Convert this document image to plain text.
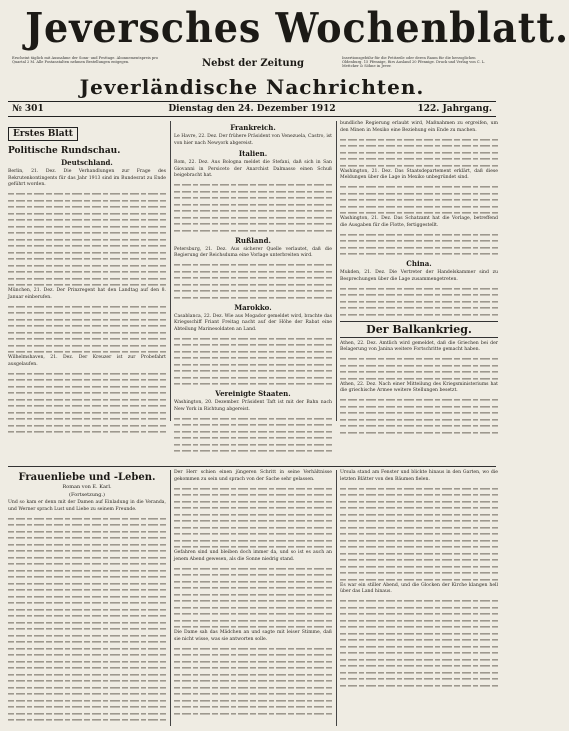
Jeversches Wochenblatt.
Erscheint täglich mit Ausnahme der Sonn- und Festtage. Abonnementspreis pro Quartal 2 M. Alle Postanstalten nehmen Bestellungen entgegen.	Nebst der Zeitung	Insertionsgebühr für die Petitzeile oder deren Raum für die herzoglichen Oldenburg. 15 Pfennige, fürs Ausland 20 Pfennige. Druck und Verlag von C. L. Mettcker & Söhne in Jever.
Jeverländische Nachrichten.
№ 301	Dienstag den 24. Dezember 1912	122. Jahrgang.
Erstes Blatt
Politische Rundschau.
Deutschland.

Berlin, 21. Dez. Die Verhandlungen zur Frage des Rekrutenkontingents für das Jahr 1913 sind im Bundesrat zu Ende geführt worden.

München, 21. Dez. Der Prinzregent hat den Landtag auf den 8. Januar einberufen.

Wilhelmshaven, 21. Dez. Der Kreuzer ist zur Probefahrt ausgelaufen.

Frankreich.

Le Havre, 22. Dez. Der frühere Präsident von Venezuela, Castro, ist von hier nach Newyork abgereist.

Italien.

Rom, 22. Dez. Aus Bologna meldet die Stefani, daß sich in San Giovanni in Persiceto der Anarchist Dalmasso einen Schuß beigebracht hat.

Rußland.

Petersburg, 21. Dez. Aus sicherer Quelle verlautet, daß die Regierung der Reichsduma eine Vorlage unterbreiten wird.

Marokko.

Casablanca, 22. Dez. Wie aus Mogador gemeldet wird, brachte das Kriegsschiff Friant Freitag nacht auf der Höhe der Rabat eine Abteilung Marinesoldaten an Land.

Vereinigte Staaten.

Washington, 20. Dezember. Präsident Taft ist mit der Bahn nach New York in Richtung abgereist.

bundliche Regierung erlaubt wird, Maßnahmen zu ergreifen, um den Minen in Mexiko eine Beziehung ein Ende zu machen.

Washington, 21. Dez. Das Staatsdepartement erklärt, daß diese Meldungen über die Lage in Mexiko unbegründet sind.

Washington, 21. Dez. Das Schatzamt hat die Vorlage, betreffend die Ausgaben für die Flotte, fertiggestellt.

China.

Mukden, 21. Dez. Die Vertreter der Handelskammer sind zu Besprechungen über die Lage zusammengetreten.

Der Balkankrieg.

Athen, 22. Dez. Amtlich wird gemeldet, daß die Griechen bei der Belagerung von Janina weitere Fortschritte gemacht haben.

Athen, 22. Dez. Nach einer Mitteilung des Kriegsministeriums hat die griechische Armee weitere Stellungen besetzt.

Frauenliebe und -Leben.
Roman von E. Karl.
(Fortsetzung.)

Und so kam er denn mit der Damen auf Einladung in die Veranda, und Werner sprach Lust und Liebe zu seinem Freunde.

Der Herr schien einen jüngeren Schritt in seine Verhältnisse gekommen zu sein und sprach von der Sache sehr gelassen.

Gefahren sind und bleiben doch immer da, und so ist es auch an jenem Abend gewesen, als die Sonne niedrig stand.

Die Dame sah das Mädchen an und sagte mit leiser Stimme, daß sie nicht wisse, was sie antworten solle.

Ursula stand am Fenster und blickte hinaus in den Garten, wo die letzten Blätter von den Bäumen fielen.

Es war ein stiller Abend, und die Glocken der Kirche klangen hell über das Land hinaus.
